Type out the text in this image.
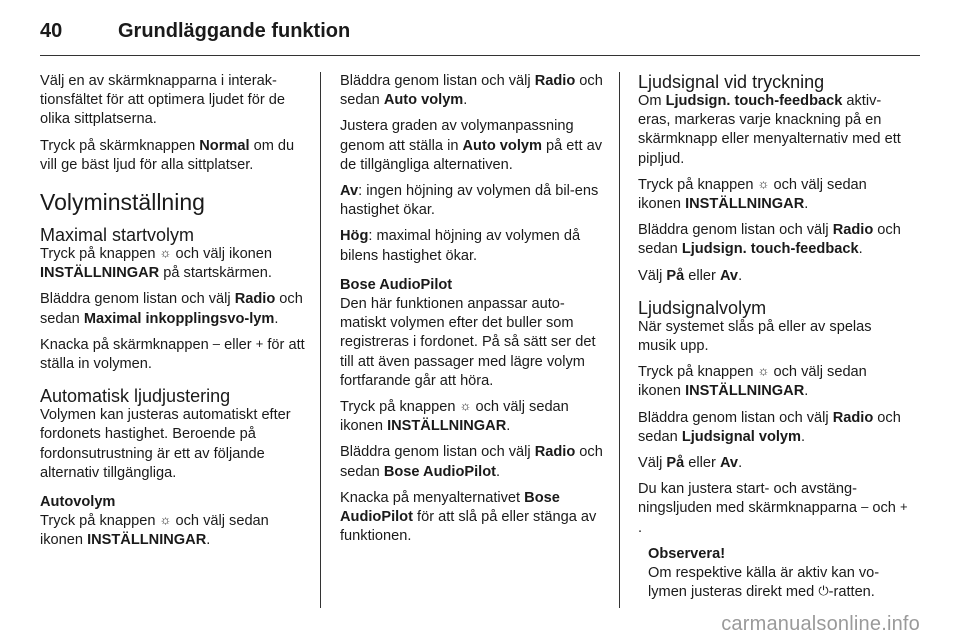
40	Grundläggande funktion

Välj en av skärmknapparna i interak-tionsfältet för att optimera ljudet för de olika sittplatserna.

Tryck på skärmknappen Normal om du vill ge bäst ljud för alla sittplatser.

Volyminställning
Maximal startvolym

Tryck på knappen ☼ och välj ikonen INSTÄLLNINGAR på startskärmen.

Bläddra genom listan och välj Radio och sedan Maximal inkopplingsvo-lym.

Knacka på skärmknappen – eller + för att ställa in volymen.

Automatisk ljudjustering

Volymen kan justeras automatiskt efter fordonets hastighet. Beroende på fordonsutrustning är ett av följande alternativ tillgängliga.

Autovolym

Tryck på knappen ☼ och välj sedan ikonen INSTÄLLNINGAR.

Bläddra genom listan och välj Radio och sedan Auto volym.

Justera graden av volymanpassning genom att ställa in Auto volym på ett av de tillgängliga alternativen.

Av: ingen höjning av volymen då bil-ens hastighet ökar.

Hög: maximal höjning av volymen då bilens hastighet ökar.

Bose AudioPilot

Den här funktionen anpassar auto-matiskt volymen efter det buller som registreras i fordonet. På så sätt ser det till att även passager med lägre volym fortfarande går att höra.

Tryck på knappen ☼ och välj sedan ikonen INSTÄLLNINGAR.

Bläddra genom listan och välj Radio och sedan Bose AudioPilot.

Knacka på menyalternativet Bose AudioPilot för att slå på eller stänga av funktionen.

Ljudsignal vid tryckning

Om Ljudsign. touch-feedback aktiv-eras, markeras varje knackning på en skärmknapp eller menyalternativ med ett pipljud.

Tryck på knappen ☼ och välj sedan ikonen INSTÄLLNINGAR.

Bläddra genom listan och välj Radio och sedan Ljudsign. touch-feedback.

Välj På eller Av.

Ljudsignalvolym

När systemet slås på eller av spelas musik upp.

Tryck på knappen ☼ och välj sedan ikonen INSTÄLLNINGAR.

Bläddra genom listan och välj Radio och sedan Ljudsignal volym.

Välj På eller Av.

Du kan justera start- och avstäng-ningsljuden med skärmknapparna – och +.

Observera!

Om respektive källa är aktiv kan vo-lymen justeras direkt med ⏻-ratten.

carmanualsonline.info
